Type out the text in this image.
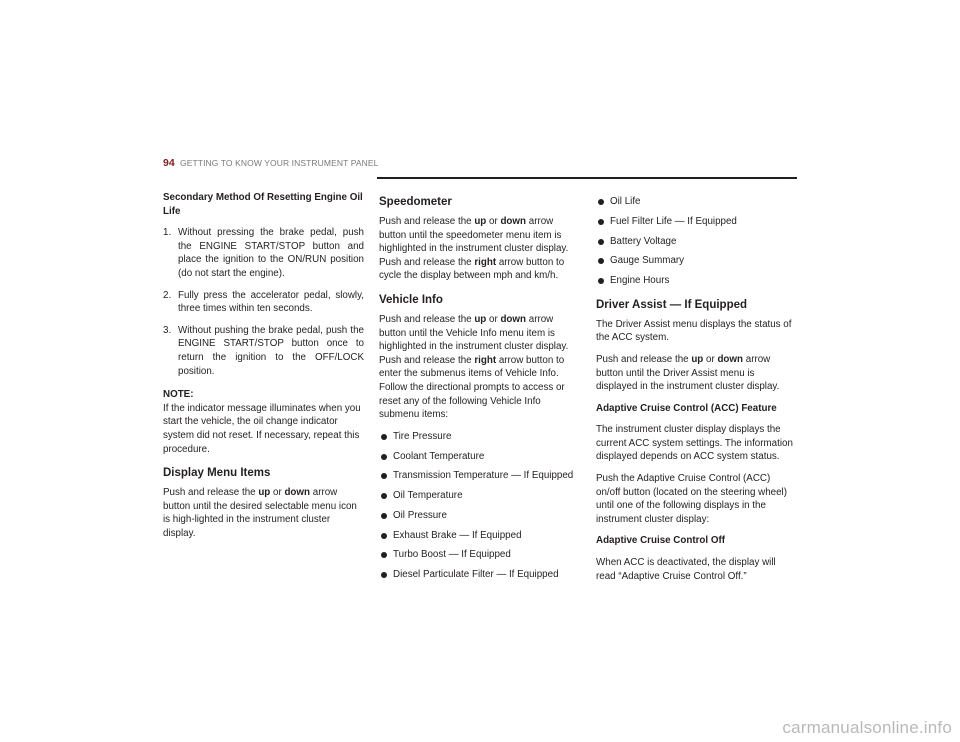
94 GETTING TO KNOW YOUR INSTRUMENT PANEL
Secondary Method Of Resetting Engine Oil Life
1. Without pressing the brake pedal, push the ENGINE START/STOP button and place the ignition to the ON/RUN position (do not start the engine).
2. Fully press the accelerator pedal, slowly, three times within ten seconds.
3. Without pushing the brake pedal, push the ENGINE START/STOP button once to return the ignition to the OFF/LOCK position.

NOTE:

If the indicator message illuminates when you start the vehicle, the oil change indicator system did not reset. If necessary, repeat this procedure.

Display Menu Items

Push and release the up or down arrow button until the desired selectable menu icon is high-lighted in the instrument cluster display.

Speedometer

Push and release the up or down arrow button until the speedometer menu item is highlighted in the instrument cluster display. Push and release the right arrow button to cycle the display between mph and km/h.

Vehicle Info

Push and release the up or down arrow button until the Vehicle Info menu item is highlighted in the instrument cluster display. Push and release the right arrow button to enter the submenus items of Vehicle Info. Follow the directional prompts to access or reset any of the following Vehicle Info submenu items:

Tire Pressure
Coolant Temperature
Transmission Temperature — If Equipped
Oil Temperature
Oil Pressure
Exhaust Brake — If Equipped
Turbo Boost — If Equipped
Diesel Particulate Filter — If Equipped
Oil Life
Fuel Filter Life — If Equipped
Battery Voltage
Gauge Summary
Engine Hours
Driver Assist — If Equipped

The Driver Assist menu displays the status of the ACC system.

Push and release the up or down arrow button until the Driver Assist menu is displayed in the instrument cluster display.

Adaptive Cruise Control (ACC) Feature

The instrument cluster display displays the current ACC system settings. The information displayed depends on ACC system status.

Push the Adaptive Cruise Control (ACC) on/off button (located on the steering wheel) until one of the following displays in the instrument cluster display:

Adaptive Cruise Control Off

When ACC is deactivated, the display will read “Adaptive Cruise Control Off.”

carmanualsonline.info
